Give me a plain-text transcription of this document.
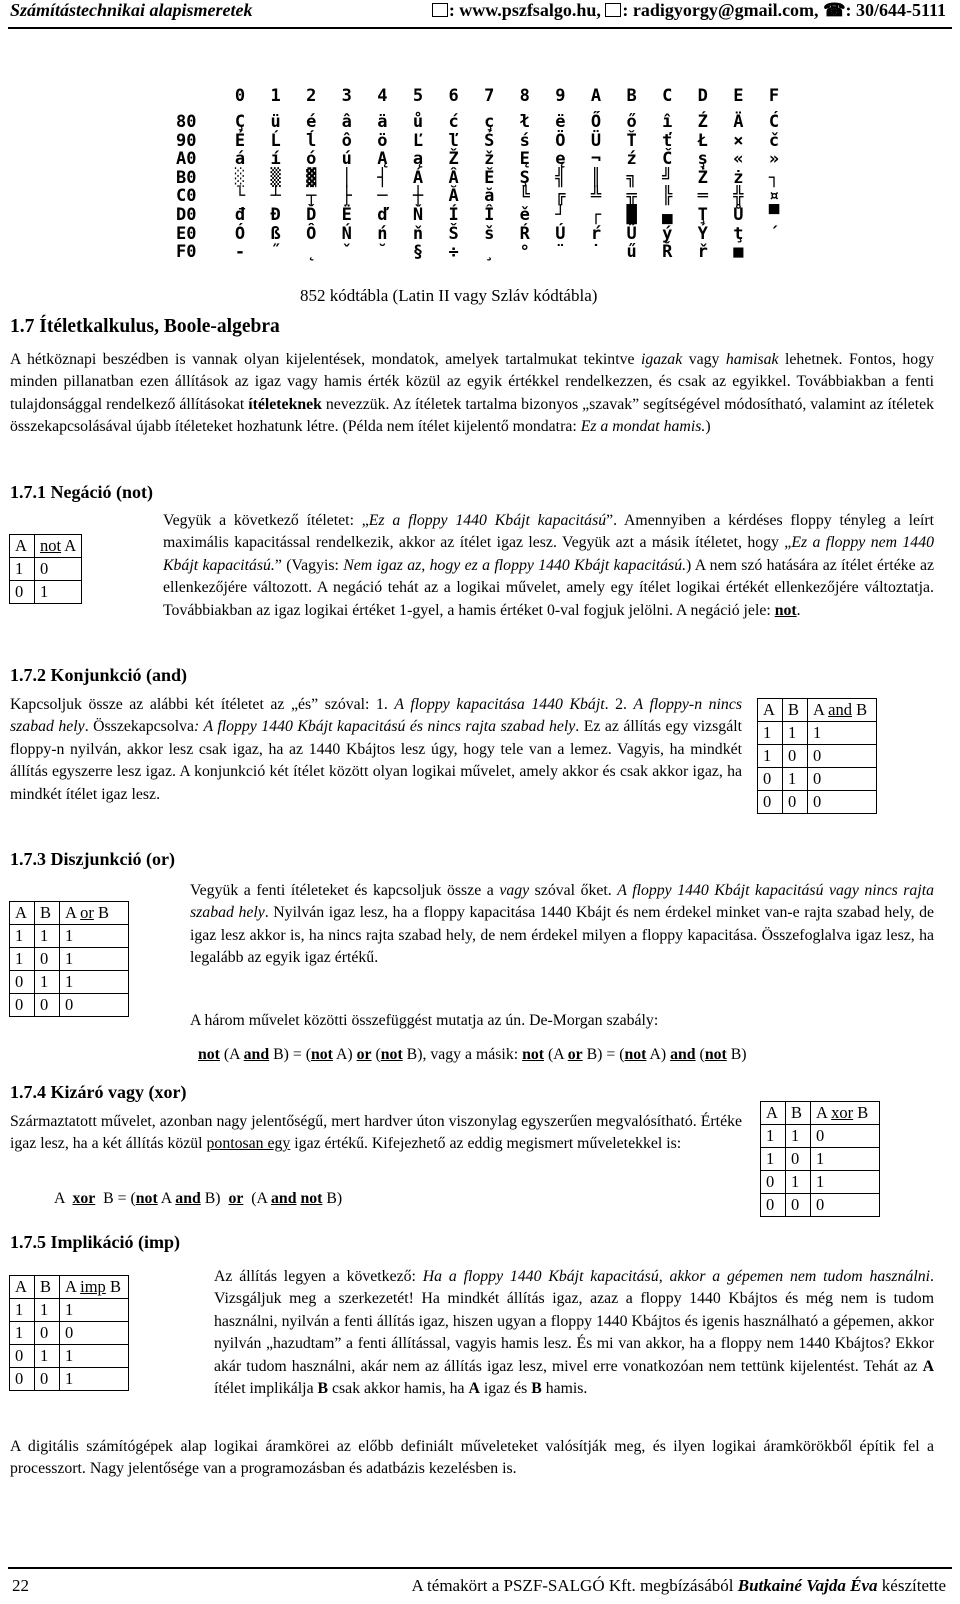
Számítástechnikai alapismeretek	: www.pszfsalgo.hu, : radigyorgy@gmail.com, ☎: 30/644-5111
0	1	2	3	4	5	6	7	8	9	A	B	C	D	E	F
80	Ç	ü	é	â	ä	ů	ć	ç	ł	ë	Ő	ő	î	Ź	Ä	Ć
90	É	Ĺ	ĺ	ô	ö	Ľ	ľ	Ś	ś	Ö	Ü	Ť	ť	Ł	×	č
A0	á	í	ó	ú	Ą	ą	Ž	ž	Ę	ę	¬	ź	Č	ş	«	»
B0	░	▒	▓	│	┤	Á	Â	Ě	Ş	╣	║	╗	╝	Ż	ż	┐
C0	└	┴	┬	├	─	┼	Ă	ă	╚	╔	╩	╦	╠	═	╬	¤
D0	đ	Đ	Ď	Ë	ď	Ň	Í	Î	ě	┘	┌	█	▄	Ţ	Ů	▀
E0	Ó	ß	Ô	Ń	ń	ň	Š	š	Ŕ	Ú	ŕ	Ű	ý	Ý	ţ	´
F0	-	˝	˛	ˇ	˘	§	÷	¸	°	¨	˙	ű	Ř	ř	■
852 kódtábla (Latin II vagy Szláv kódtábla)
1.7 Ítéletkalkulus, Boole-algebra
A hétköznapi beszédben is vannak olyan kijelentések, mondatok, amelyek tartalmukat tekintve igazak vagy hamisak lehetnek. Fontos, hogy minden pillanatban ezen állítások az igaz vagy hamis érték közül az egyik értékkel rendelkezzen, és csak az egyikkel. Továbbiakban a fenti tulajdonsággal rendelkező állításokat ítéleteknek nevezzük. Az ítéletek tartalma bizonyos „szavak” segítségével módosítható, valamint az ítéletek összekapcsolásával újabb ítéleteket hozhatunk létre. (Példa nem ítélet kijelentő mondatra: Ez a mondat hamis.)
1.7.1 Negáció (not)
A	not A
1	0
0	1
Vegyük a következő ítéletet: „Ez a floppy 1440 Kbájt kapacitású”. Amennyiben a kérdéses floppy tényleg a leírt maximális kapacitással rendelkezik, akkor az ítélet igaz lesz. Vegyük azt a másik ítéletet, hogy „Ez a floppy nem 1440 Kbájt kapacitású.” (Vagyis: Nem igaz az, hogy ez a floppy 1440 Kbájt kapacitású.) A nem szó hatására az ítélet értéke az ellenkezőjére változott. A negáció tehát az a logikai művelet, amely egy ítélet logikai értékét ellenkezőjére változtatja. Továbbiakban az igaz logikai értéket 1-gyel, a hamis értéket 0-val fogjuk jelölni. A negáció jele: not.
1.7.2 Konjunkció (and)
A	B	A and B
1	1	1
1	0	0
0	1	0
0	0	0
Kapcsoljuk össze az alábbi két ítéletet az „és” szóval: 1. A floppy kapacitása 1440 Kbájt. 2. A floppy-n nincs szabad hely. Összekapcsolva: A floppy 1440 Kbájt kapacitású és nincs rajta szabad hely. Ez az állítás egy vizsgált floppy-n nyilván, akkor lesz csak igaz, ha az 1440 Kbájtos lesz úgy, hogy tele van a lemez. Vagyis, ha mindkét állítás egyszerre lesz igaz. A konjunkció két ítélet között olyan logikai művelet, amely akkor és csak akkor igaz, ha mindkét ítélet igaz lesz.
1.7.3 Diszjunkció (or)
A	B	A or B
1	1	1
1	0	1
0	1	1
0	0	0
Vegyük a fenti ítéleteket és kapcsoljuk össze a vagy szóval őket. A floppy 1440 Kbájt kapacitású vagy nincs rajta szabad hely. Nyilván igaz lesz, ha a floppy kapacitása 1440 Kbájt és nem érdekel minket van-e rajta szabad hely, de igaz lesz akkor is, ha nincs rajta szabad hely, de nem érdekel milyen a floppy kapacitása. Összefoglalva igaz lesz, ha legalább az egyik igaz értékű.
A három művelet közötti összefüggést mutatja az ún. De-Morgan szabály:
not (A and B) = (not A) or (not B), vagy a másik: not (A or B) = (not A) and (not B)
1.7.4 Kizáró vagy (xor)
A	B	A xor B
1	1	0
1	0	1
0	1	1
0	0	0
Származtatott művelet, azonban nagy jelentőségű, mert hardver úton viszonylag egyszerűen megvalósítható. Értéke igaz lesz, ha a két állítás közül pontosan egy igaz értékű. Kifejezhető az eddig megismert műveletekkel is:
A  xor  B = (not A and B)  or  (A and not B)
1.7.5 Implikáció (imp)
A	B	A imp B
1	1	1
1	0	0
0	1	1
0	0	1
Az állítás legyen a következő: Ha a floppy 1440 Kbájt kapacitású, akkor a gépemen nem tudom használni. Vizsgáljuk meg a szerkezetét! Ha mindkét állítás igaz, azaz a floppy 1440 Kbájtos és még nem is tudom használni, nyilván a fenti állítás igaz, hiszen ugyan a floppy 1440 Kbájtos és igenis használható a gépemen, akkor nyilván „hazudtam” a fenti állítással, vagyis hamis lesz. És mi van akkor, ha a floppy nem 1440 Kbájtos? Ekkor akár tudom használni, akár nem az állítás igaz lesz, mivel erre vonatkozóan nem tettünk kijelentést. Tehát az A ítélet implikálja B csak akkor hamis, ha A igaz és B hamis.
A digitális számítógépek alap logikai áramkörei az előbb definiált műveleteket valósítják meg, és ilyen logikai áramkörökből építik fel a processzort. Nagy jelentősége van a programozásban és adatbázis kezelésben is.
22	A témakört a PSZF-SALGÓ Kft. megbízásából Butkainé Vajda Éva készítette
